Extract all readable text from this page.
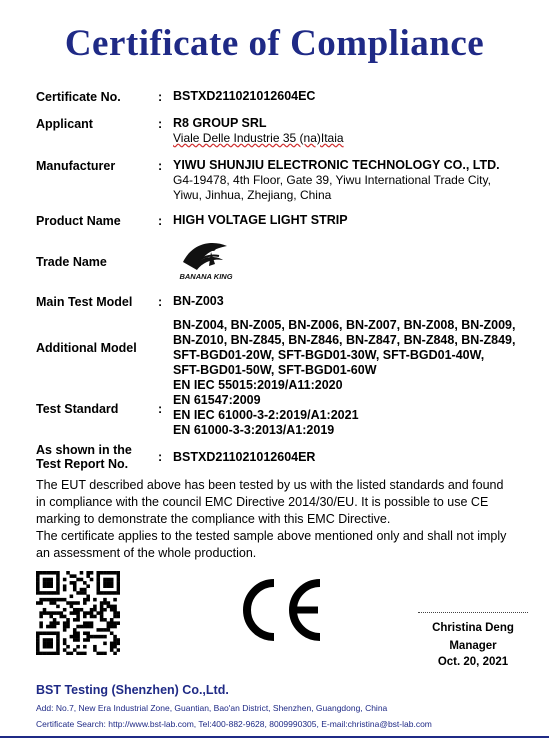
Certificate of Compliance
Certificate No.	: BSTXD211021012604EC
Applicant	: R8 GROUP SRL
Viale Delle Industrie 35 (na)Itaia
Manufacturer	: YIWU SHUNJIU ELECTRONIC TECHNOLOGY CO., LTD.
G4-19478, 4th Floor, Gate 39, Yiwu International Trade City,
Yiwu, Jinhua, Zhejiang, China
Product Name	: HIGH VOLTAGE LIGHT STRIP
Trade Name
BANANA KING
Main Test Model : BN-Z003
Additional Model
BN-Z004, BN-Z005, BN-Z006, BN-Z007, BN-Z008, BN-Z009,
BN-Z010, BN-Z845, BN-Z846, BN-Z847, BN-Z848, BN-Z849,
SFT-BGD01-20W, SFT-BGD01-30W, SFT-BGD01-40W,
SFT-BGD01-50W, SFT-BGD01-60W
Test Standard	:
EN IEC 55015:2019/A11:2020
EN 61547:2009
EN IEC 61000-3-2:2019/A1:2021
EN 61000-3-3:2013/A1:2019
As shown in the
Test Report No. : BSTXD211021012604ER
The EUT described above has been tested by us with the listed standards and found
in compliance with the council EMC Directive 2014/30/EU. It is possible to use CE
marking to demonstrate the compliance with this EMC Directive.
The certificate applies to the tested sample above mentioned only and shall not imply
an assessment of the whole production.
Christina Deng
Manager
Oct. 20, 2021
BST Testing (Shenzhen) Co.,Ltd.
Add: No.7, New Era Industrial Zone, Guantian, Bao'an District, Shenzhen, Guangdong, China
Certificate Search: http://www.bst-lab.com, Tel:400-882-9628, 8009990305, E-mail:christina@bst-lab.com
